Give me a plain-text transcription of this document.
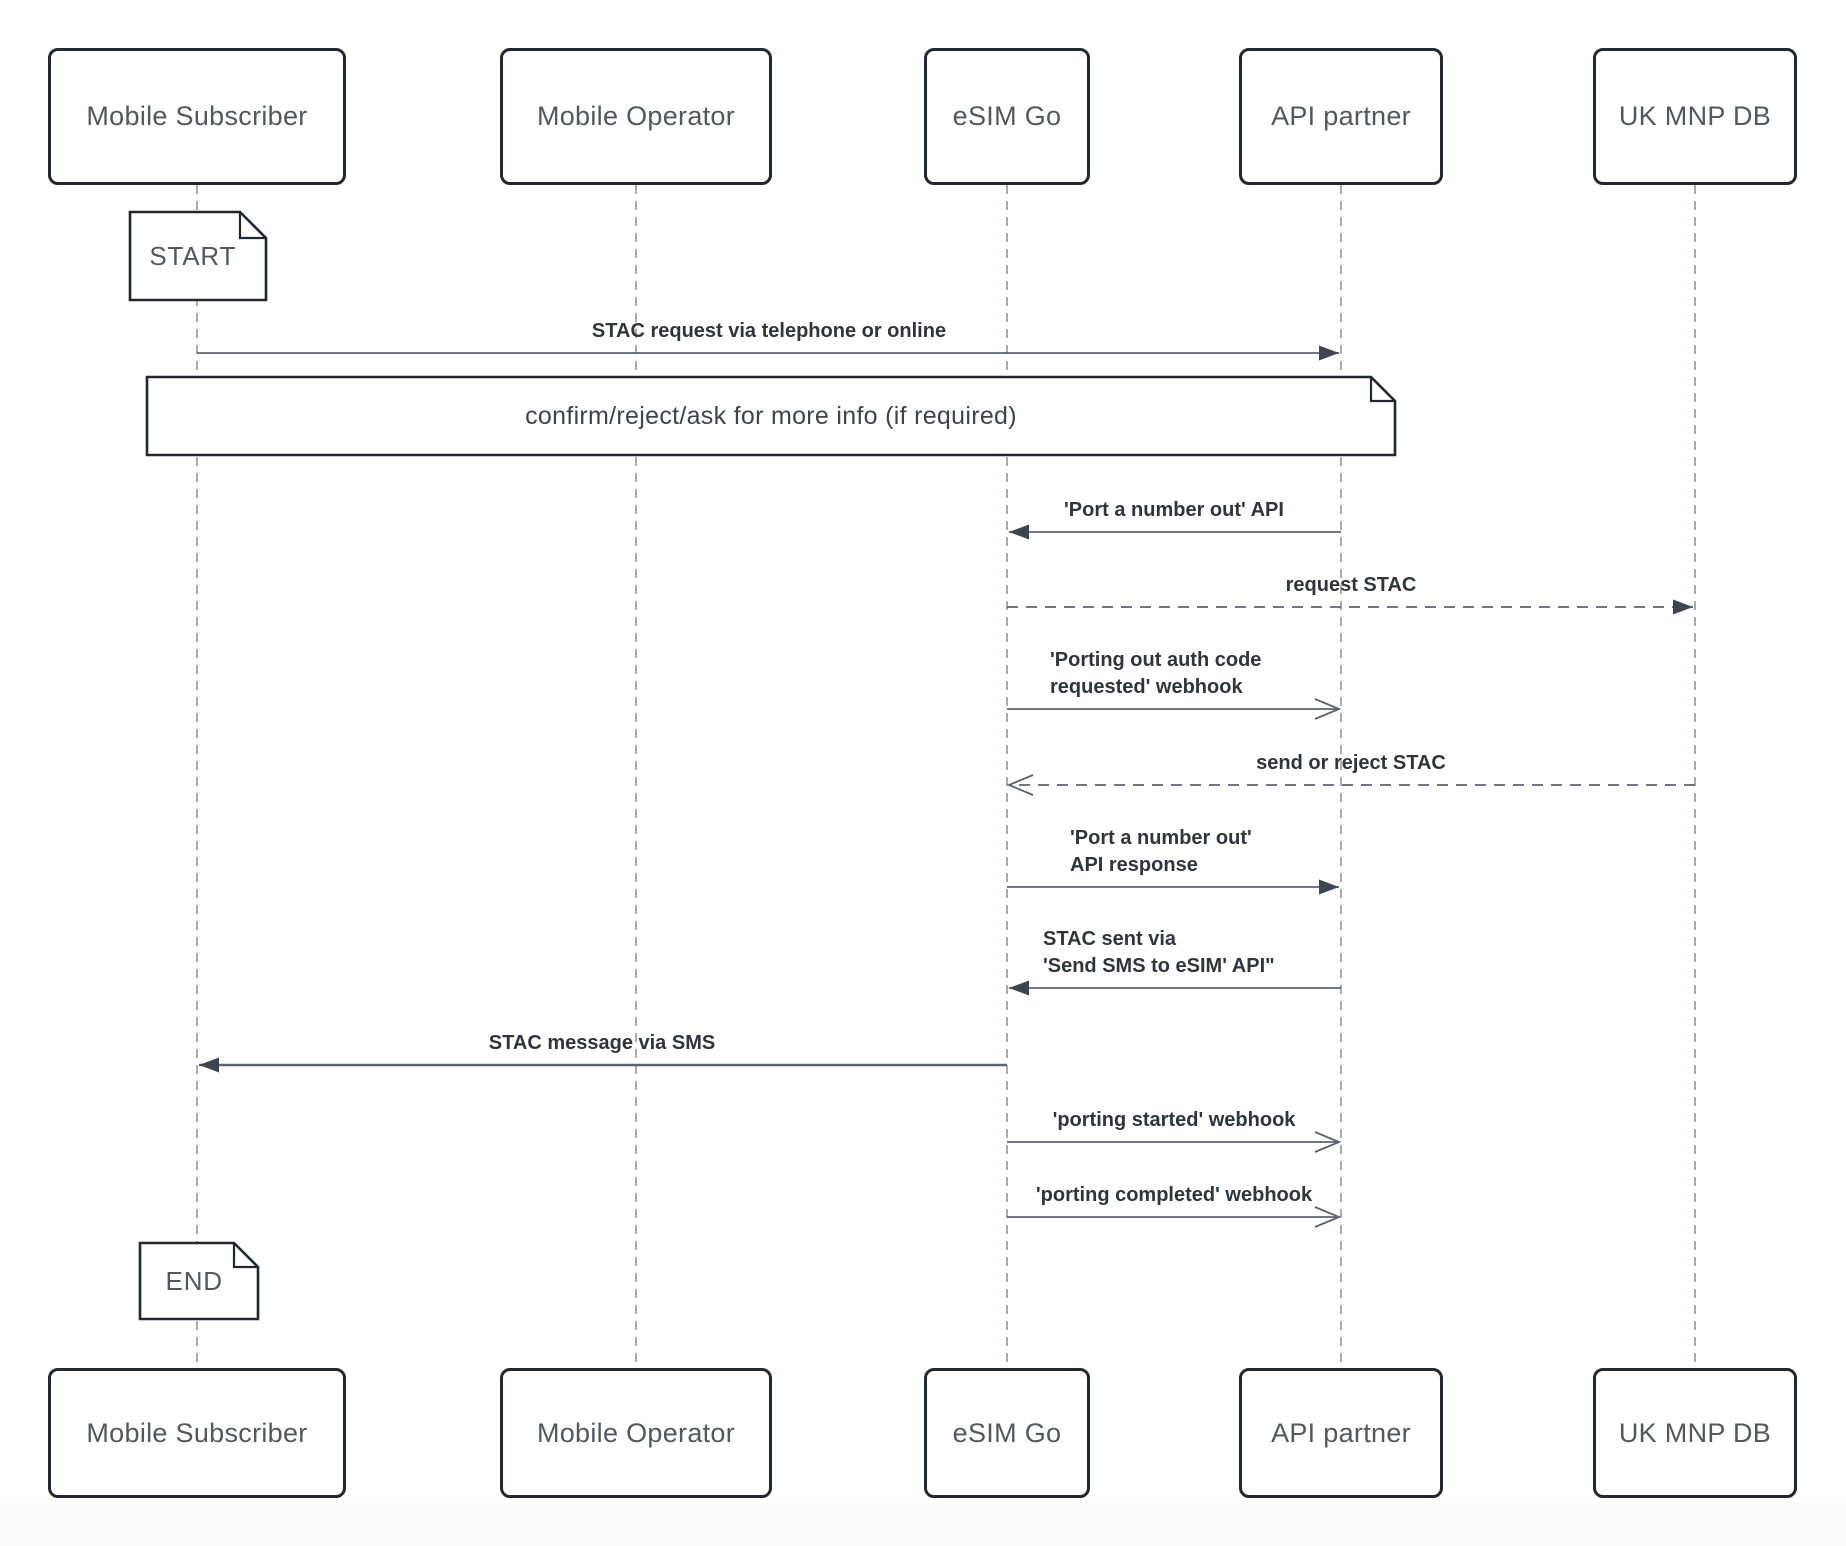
Mobile Subscriber
Mobile Subscriber
Mobile Operator
Mobile Operator
eSIM Go
eSIM Go
API partner
API partner
UK MNP DB
UK MNP DB
START
END
confirm/reject/ask for more info (if required)
STAC request via telephone or online
'Port a number out' API
request STAC
'Porting out auth code
requested' webhook
send or reject STAC
'Port a number out'
API response
STAC sent via
'Send SMS to eSIM' API"
STAC message via SMS
'porting started' webhook
'porting completed' webhook
